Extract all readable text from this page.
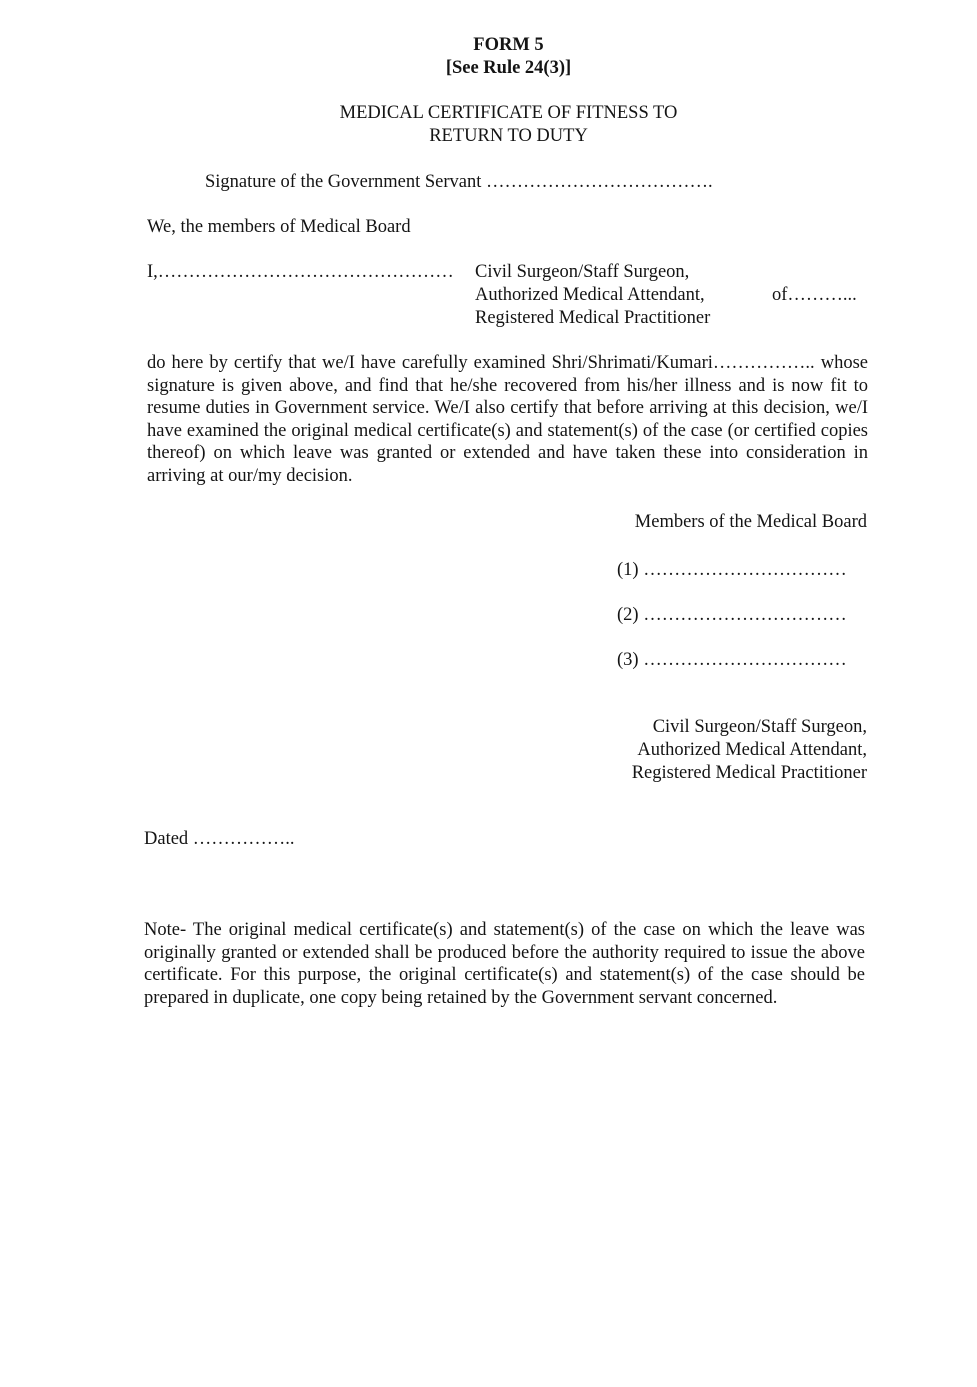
FORM 5
[See Rule 24(3)]
MEDICAL CERTIFICATE OF FITNESS TO
RETURN TO DUTY
Signature of the Government Servant ……………………………….
We, the members of Medical Board
I,………………………………………… Civil Surgeon/Staff Surgeon,
Authorized Medical Attendant,	of………...
Registered Medical Practitioner
do here by certify that we/I have carefully examined Shri/Shrimati/Kumari…………….. whose signature is given above, and find that he/she recovered from his/her illness and is now fit to resume duties in Government service. We/I also certify that before arriving at this decision, we/I have examined the original medical certificate(s) and statement(s) of the case (or certified copies thereof) on which leave was granted or extended and have taken these into consideration in arriving at our/my decision.
Members of the Medical Board
(1) ……………………………
(2) ……………………………
(3) ……………………………
Civil Surgeon/Staff Surgeon,
Authorized Medical Attendant,
Registered Medical Practitioner
Dated ……………..
Note- The original medical certificate(s) and statement(s) of the case on which the leave was originally granted or extended shall be produced before the authority required to issue the above certificate. For this purpose, the original certificate(s) and statement(s) of the case should be prepared in duplicate, one copy being retained by the Government servant concerned.
